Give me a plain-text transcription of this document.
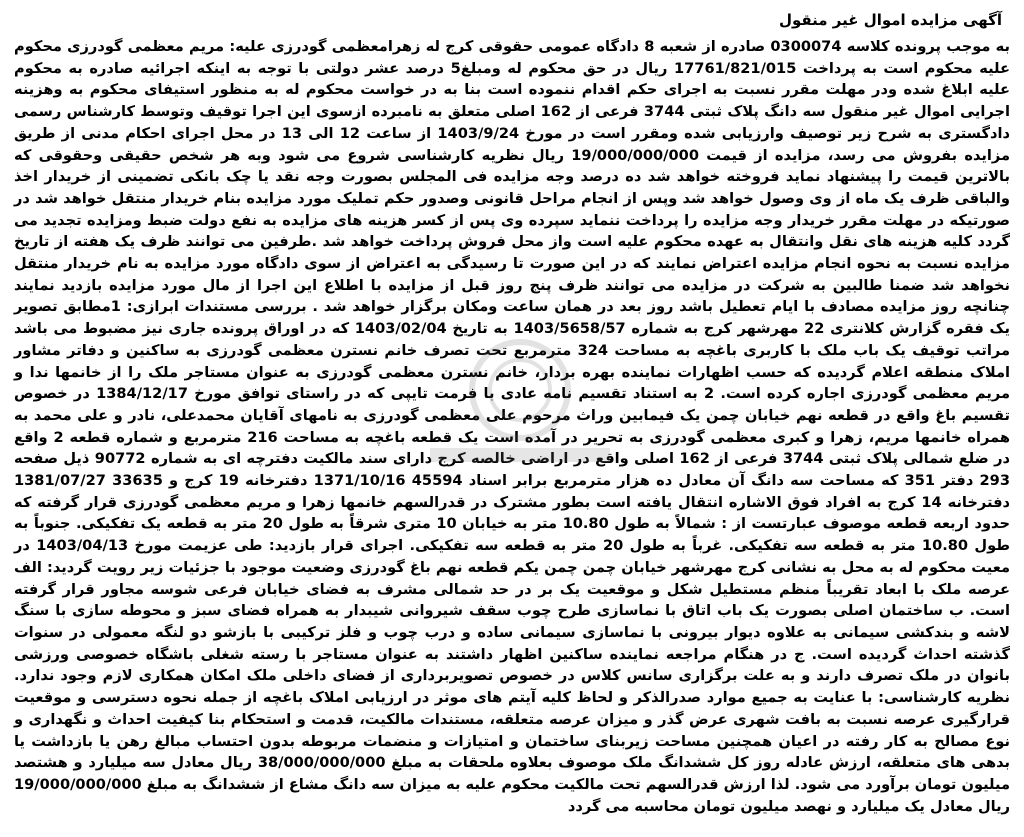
آگهی مزایده اموال غیر منقول

به موجب پرونده کلاسه 0300074 صادره از شعبه 8 دادگاه عمومی حقوقی کرج له زهرامعظمی گودرزی علیه: مریم معظمی گودرزی محکوم علیه محکوم است به پرداخت 17761/821/015 ریال در حق محکوم له ومبلغ5 درصد عشر دولتی با توجه به اینکه اجرائیه صادره به محکوم علیه ابلاغ شده ودر مهلت مقرر نسبت به اجرای حکم اقدام ننموده است بنا به در خواست محکوم له به منظور استیفای محکوم به وهزینه اجرایی اموال غیر منقول سه دانگ پلاک ثبتی 3744 فرعی از 162 اصلی متعلق به نامبرده ازسوی این اجرا توقیف وتوسط کارشناس رسمی دادگستری به شرح زیر توصیف وارزیابی شده ومقرر است در مورخ 1403/9/24 از ساعت 12 الی 13 در محل اجرای احکام مدنی از طریق مزایده بفروش می رسد، مزایده از قیمت 19/000/000/000 ریال نظریه کارشناسی شروع می شود وبه هر شخص حقیقی وحقوقی که بالاترین قیمت را پیشنهاد نماید فروخته خواهد شد ده درصد وجه مزایده فی المجلس بصورت وجه نقد یا چک بانکی تضمینی از خریدار اخذ والباقی ظرف یک ماه از وی وصول خواهد شد وپس از انجام مراحل قانونی وصدور حکم تملیک مورد مزایده بنام خریدار منتقل خواهد شد در صورتیکه در مهلت مقرر خریدار وجه مزایده را پرداخت ننماید سپرده وی پس از کسر هزینه های مزایده به نفع دولت ضبط ومزایده تجدید می گردد کلیه هزینه های نقل وانتقال به عهده محکوم علیه است واز محل فروش پرداخت خواهد شد .طرفین می توانند ظرف یک هفته از تاریخ مزایده نسبت به نحوه انجام مزایده اعتراض نمایند که در این صورت تا رسیدگی به اعتراض از سوی دادگاه مورد مزایده به نام خریدار منتقل نخواهد شد ضمنا طالبین به شرکت در مزایده می توانند ظرف پنج روز قبل از مزایده با اطلاع این اجرا از مال مورد مزایده بازدید نمایند چنانچه روز مزایده مصادف با ایام تعطیل باشد روز بعد در همان ساعت ومکان برگزار خواهد شد . بررسی مستندات ابرازی: 1مطابق تصویر یک فقره گزارش کلانتری 22 مهرشهر کرج به شماره 1403/5658/57 به تاریخ 1403/02/04 که در اوراق پرونده جاری نیز مضبوط می باشد مراتب توقیف یک باب ملک با کاربری باغچه به مساحت 324 مترمربع تحت تصرف خانم نسترن معظمی گودرزی به ساکنین و دفاتر مشاور املاک منطقه اعلام گردیده که حسب اظهارات نماینده بهره بردار، خانم نسترن معظمی گودرزی به عنوان مستاجر ملک را از خانمها ندا و مریم معظمی گودرزی اجاره کرده است. 2 به استناد تقسیم نامه عادی با فرمت تایپی که در راستای توافق مورخ 1384/12/17 در خصوص تقسیم باغ واقع در قطعه نهم خیابان چمن یک فیمابین وراث مرحوم علی معظمی گودرزی به نامهای آقایان محمدعلی، نادر و علی محمد به همراه خانمها مریم، زهرا و کبری معظمی گودرزی به تحریر در آمده است یک قطعه باغچه به مساحت 216 مترمربع و شماره قطعه 2 واقع در ضلع شمالی پلاک ثبتی 3744 فرعی از 162 اصلی واقع در اراضی خالصه کرج دارای سند مالکیت دفترچه ای به شماره 90772 ذیل صفحه 293 دفتر 351 که مساحت سه دانگ آن معادل ده هزار مترمربع برابر اسناد 45594 1371/10/16 دفترخانه 19 کرج و 33635 1381/07/27 دفترخانه 14 کرج به افراد فوق الاشاره انتقال یافته است بطور مشترک در قدرالسهم خانمها زهرا و مریم معظمی گودرزی قرار گرفته که حدود اربعه قطعه موصوف عبارتست از : شمالاً به طول 10.80 متر به خیابان 10 متری شرقاً به طول 20 متر به قطعه یک تفکیکی. جنوباً به طول 10.80 متر به قطعه سه تفکیکی. غرباً به طول 20 متر به قطعه سه تفکیکی. اجرای قرار بازدید: طی عزیمت مورخ 1403/04/13 در معیت محکوم له به محل به نشانی کرج مهرشهر خیابان چمن چمن یکم قطعه نهم باغ گودرزی وضعیت موجود با جزئیات زیر رویت گردید: الف عرصه ملک با ابعاد تقریباً منظم مستطیل شکل و موقعیت یک بر در حد شمالی مشرف به فضای خیابان فرعی شوسه مجاور قرار گرفته است. ب ساختمان اصلی بصورت یک باب اتاق با نماسازی طرح چوب سقف شیروانی شیبدار به همراه فضای سبز و محوطه سازی با سنگ لاشه و بندکشی سیمانی به علاوه دیوار بیرونی با نماسازی سیمانی ساده و درب چوب و فلز ترکیبی با بازشو دو لنگه معمولی در سنوات گذشته احداث گردیده است. ج در هنگام مراجعه نماینده ساکنین اظهار داشتند به عنوان مستاجر با رسته شغلی باشگاه خصوصی ورزشی بانوان در ملک تصرف دارند و به علت برگزاری سانس کلاس در خصوص تصویربرداری از فضای داخلی ملک امکان همکاری لازم وجود ندارد. نظریه کارشناسی: با عنایت به جمیع موارد صدرالذکر و لحاظ کلیه آیتم های موثر در ارزیابی املاک باغچه از جمله نحوه دسترسی و موقعیت قرارگیری عرصه نسبت به بافت شهری عرض گذر و میزان عرصه متعلقه، مستندات مالکیت، قدمت و استحکام بنا کیفیت احداث و نگهداری و نوع مصالح به کار رفته در اعیان همچنین مساحت زیربنای ساختمان و امتیازات و منضمات مربوطه بدون احتساب مبالغ رهن یا بازداشت یا بدهی های متعلقه، ارزش عادله روز کل ششدانگ ملک موصوف بعلاوه ملحقات به مبلغ 38/000/000/000 ریال معادل سه میلیارد و هشتصد میلیون تومان برآورد می شود. لذا ارزش قدرالسهم تحت مالکیت محکوم علیه به میزان سه دانگ مشاع از ششدانگ به مبلغ 19/000/000/000 ریال معادل یک میلیارد و نهصد میلیون تومان محاسبه می گردد
